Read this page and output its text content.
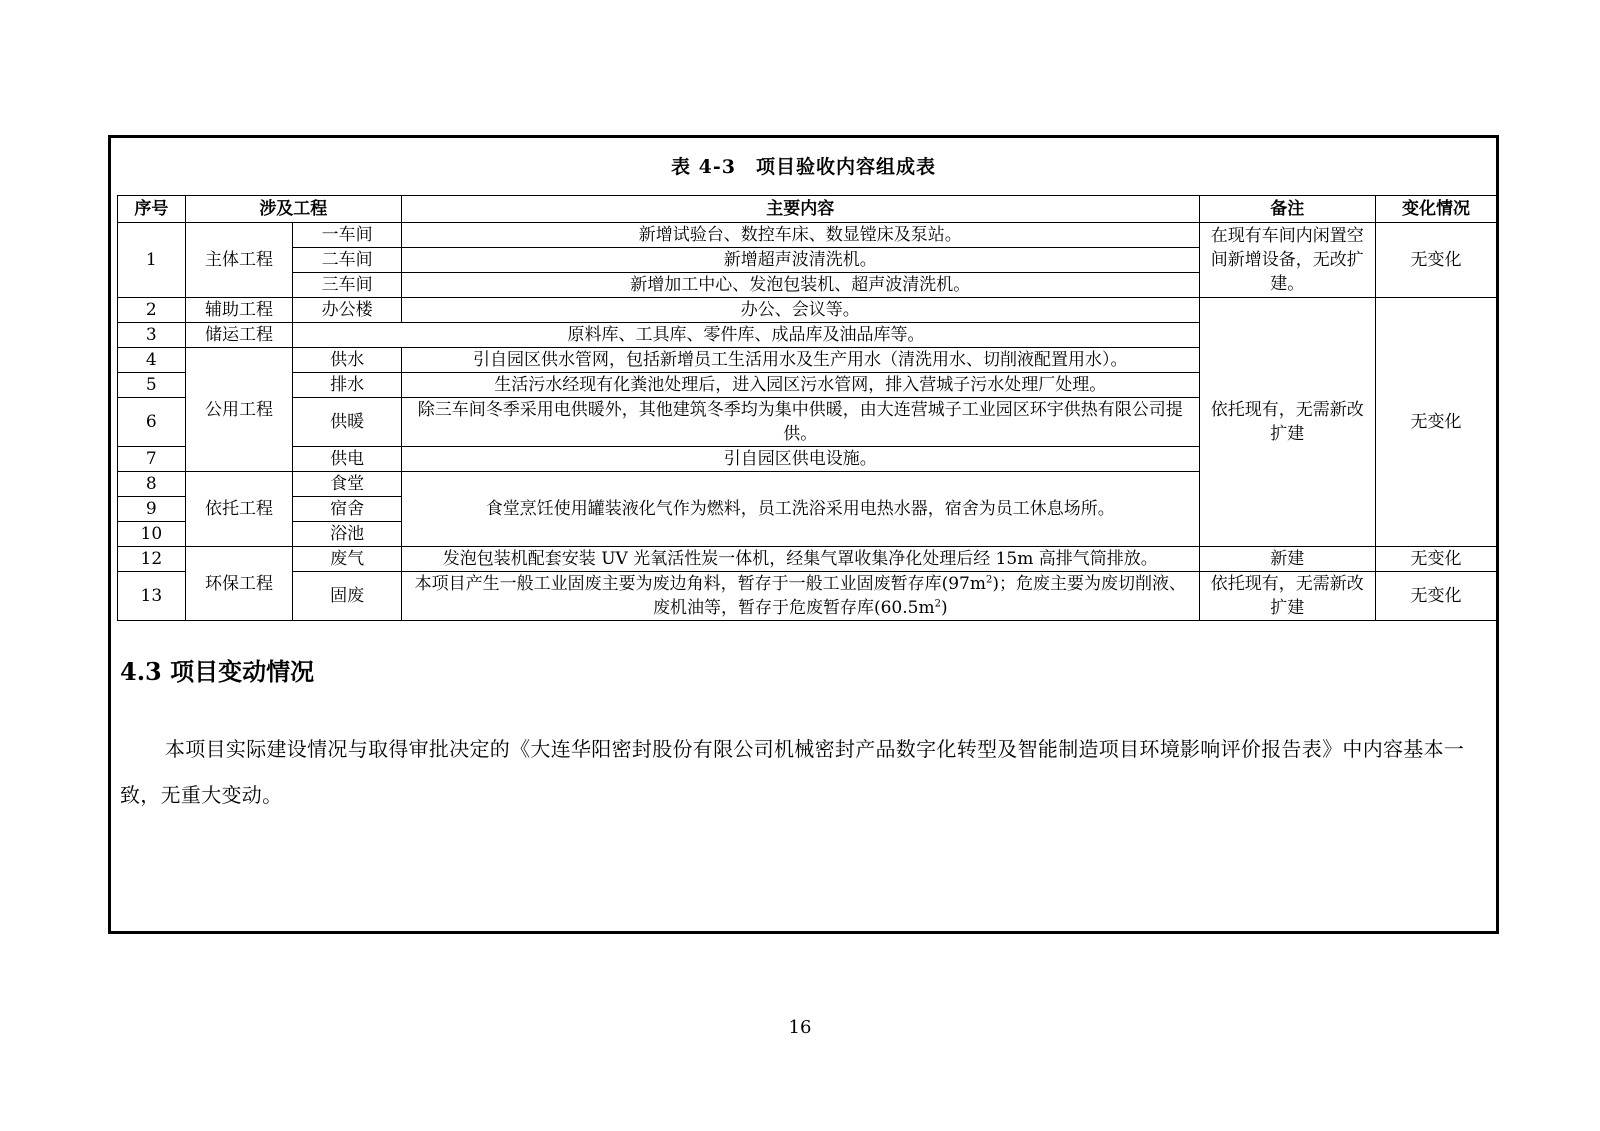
表 4-3　项目验收内容组成表
序号	涉及工程		主要内容	备注	变化情况
1	主体工程	一车间	新增试验台、数控车床、数显镗床及泵站。	在现有车间内闲置空间新增设备，无改扩建。	无变化
		二车间	新增超声波清洗机。		
		三车间	新增加工中心、发泡包装机、超声波清洗机。		
2	辅助工程	办公楼	办公、会议等。	依托现有，无需新改扩建	无变化
3	储运工程	原料库、工具库、零件库、成品库及油品库等。			
4	公用工程	供水	引自园区供水管网，包括新增员工生活用水及生产用水（清洗用水、切削液配置用水）。		
5		排水	生活污水经现有化粪池处理后，进入园区污水管网，排入营城子污水处理厂处理。		
6		供暖	除三车间冬季采用电供暖外，其他建筑冬季均为集中供暖，由大连营城子工业园区环宇供热有限公司提供。		
7		供电	引自园区供电设施。		
8	依托工程	食堂	食堂烹饪使用罐装液化气作为燃料，员工洗浴采用电热水器，宿舍为员工休息场所。		
9		宿舍			
10		浴池			
12	环保工程	废气	发泡包装机配套安装 UV 光氧活性炭一体机，经集气罩收集净化处理后经 15m 高排气筒排放。	新建	无变化
13		固废	本项目产生一般工业固废主要为废边角料，暂存于一般工业固废暂存库$(97m^2)$；危废主要为废切削液、废机油等，暂存于危废暂存库$(60.5m^2)$	依托现有，无需新改扩建	无变化
4.3 项目变动情况
本项目实际建设情况与取得审批决定的《大连华阳密封股份有限公司机械密封产品数字化转型及智能制造项目环境影响评价报告表》中内容基本一致，无重大变动。
16
